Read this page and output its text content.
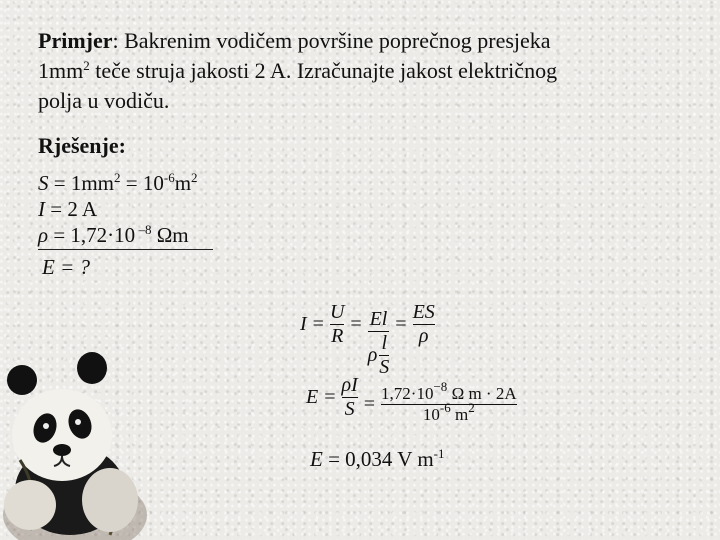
Primjer: Bakrenim vodičem površine poprečnog presjeka
$1mm^2$ teče struja jakosti 2 A. Izračunajte jakost električnog
polja u vodiču.
Rješenje:
$S = 1mm^2 = 10^{-6}m^2$
I = 2 A
ρ = 1,72·10 $^{-8}$ Ωm
E = ?
$I = \frac{U}{R} = \frac{El}{\rho \frac{l}{S}} = \frac{ES}{\rho}$
$E = \frac{\rho I}{S} = \frac{1,72\cdot 10^{-8} \Omega m \cdot 2A}{10^{-6} m^2}$
E = 0,034 V $m^{-1}$
